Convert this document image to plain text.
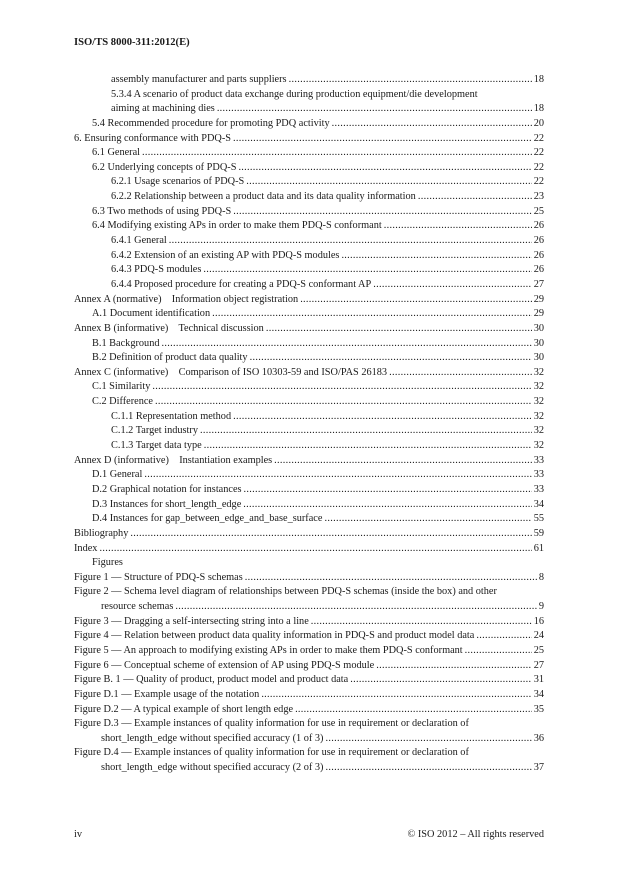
ISO/TS 8000-311:2012(E)
assembly manufacturer and parts suppliers .....	18
5.3.4 A scenario of product data exchange during production equipment/die development
aiming at machining dies .....	18
5.4 Recommended procedure for promoting PDQ activity .....	20
6. Ensuring conformance with PDQ-S .....	22
6.1 General .....	22
6.2 Underlying concepts of PDQ-S .....	22
6.2.1 Usage scenarios of PDQ-S .....	22
6.2.2 Relationship between a product data and its data quality information .....	23
6.3 Two methods of using PDQ-S .....	25
6.4 Modifying existing APs in order to make them PDQ-S conformant .....	26
6.4.1 General .....	26
6.4.2 Extension of an existing AP with PDQ-S modules .....	26
6.4.3 PDQ-S modules .....	26
6.4.4 Proposed procedure for creating a PDQ-S conformant AP .....	27
Annex A (normative)    Information object registration .....	29
A.1 Document identification .....	29
Annex B (informative)    Technical discussion .....	30
B.1 Background .....	30
B.2 Definition of product data quality .....	30
Annex C (informative)    Comparison of ISO 10303-59 and ISO/PAS 26183 .....	32
C.1 Similarity .....	32
C.2 Difference .....	32
C.1.1 Representation method .....	32
C.1.2 Target industry .....	32
C.1.3 Target data type .....	32
Annex D (informative)    Instantiation examples .....	33
D.1 General .....	33
D.2 Graphical notation for instances .....	33
D.3 Instances for short_length_edge .....	34
D.4 Instances for gap_between_edge_and_base_surface .....	55
Bibliography .....	59
Index .....	61
Figures
Figure 1 — Structure of PDQ-S schemas .....	8
Figure 2 — Schema level diagram of relationships between PDQ-S schemas (inside the box) and other
resource schemas .....	9
Figure 3 — Dragging a self-intersecting string into a line .....	16
Figure 4 — Relation between product data quality information in PDQ-S and product model data .....	24
Figure 5 — An approach to modifying existing APs in order to make them PDQ-S conformant .....	25
Figure 6 — Conceptual scheme of extension of AP using PDQ-S module .....	27
Figure B. 1 — Quality of product, product model and product data .....	31
Figure D.1 — Example usage of the notation .....	34
Figure D.2 — A typical example of short length edge .....	35
Figure D.3 — Example instances of quality information for use in requirement or declaration of
short_length_edge without specified accuracy (1 of 3) .....	36
Figure D.4 — Example instances of quality information for use in requirement or declaration of
short_length_edge without specified accuracy (2 of 3) .....	37
iv	© ISO 2012 – All rights reserved
